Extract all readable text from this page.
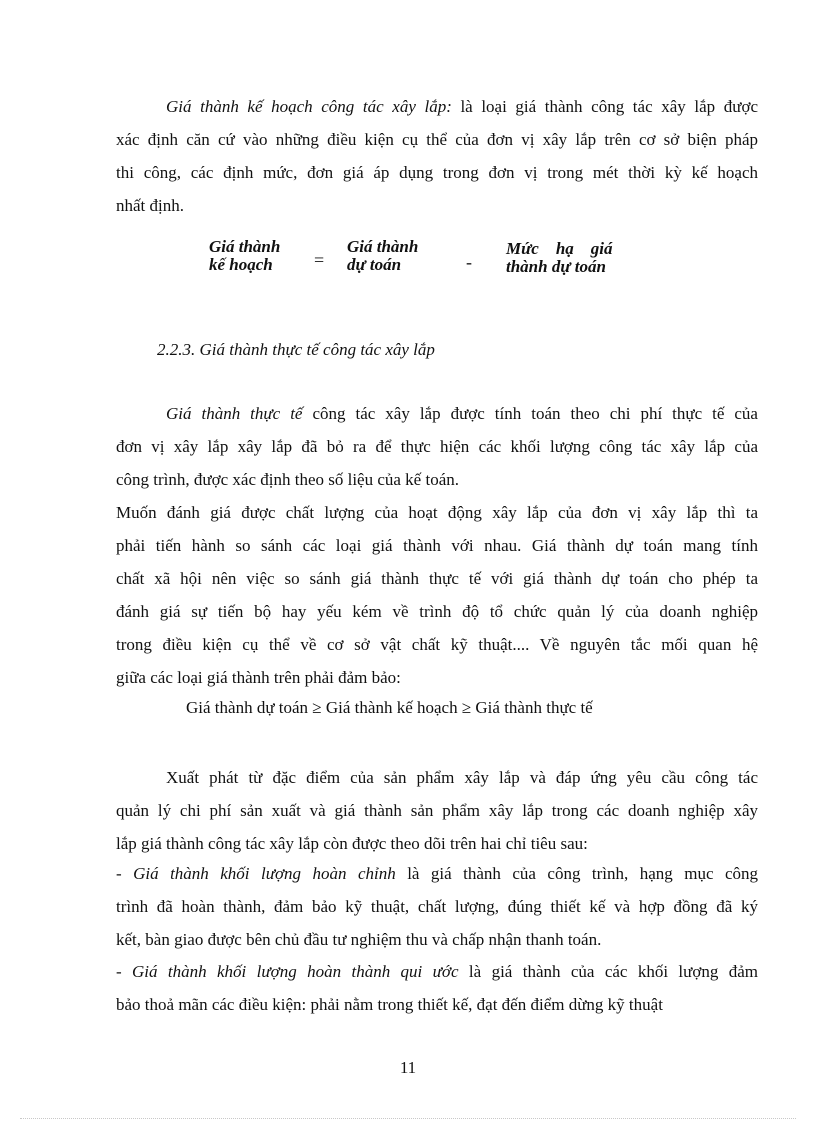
Giá thành kế hoạch công tác xây lắp: là loại giá thành công tác xây lắp được
xác định căn cứ vào những điều kiện cụ thể của đơn vị xây lắp trên cơ sở biện pháp
thi công, các định mức, đơn giá áp dụng trong đơn vị trong mét thời kỳ kế hoạch
nhất định.
Giá thành
kế hoạch	=
Giá thành
dự toán	-
Mức    hạ    giá
thành dự toán

2.2.3. Giá thành thực tế công tác xây lắp

Giá thành thực tế công tác xây lắp được tính toán theo chi phí thực tế của
đơn vị xây lắp xây lắp đã bỏ ra để thực hiện các khối lượng công tác xây lắp của
công trình, được xác định theo số liệu của kế toán.
Muốn đánh giá được chất lượng của hoạt động xây lắp của đơn vị xây lắp thì ta
phải tiến hành so sánh các loại giá thành với nhau. Giá thành dự toán mang tính
chất xã hội nên việc so sánh giá thành thực tế với giá thành dự toán cho phép ta
đánh giá sự tiến bộ hay yếu kém về trình độ tổ chức quản lý của doanh nghiệp
trong điều kiện cụ thể về cơ sở vật chất kỹ thuật.... Về nguyên tắc mối quan hệ
giữa các loại giá thành trên phải đảm bảo:

Giá thành dự toán ≥ Giá thành kế hoạch ≥ Giá thành thực tế

Xuất phát từ đặc điểm của sản phẩm xây lắp và đáp ứng yêu cầu công tác
quản lý chi phí sản xuất và giá thành sản phẩm xây lắp trong các doanh nghiệp xây
lắp giá thành công tác xây lắp còn được theo dõi trên hai chỉ tiêu sau:
- Giá thành khối lượng hoàn chỉnh là giá thành của công trình, hạng mục công
trình đã hoàn thành, đảm bảo kỹ thuật, chất lượng, đúng thiết kế và hợp đồng đã ký
kết, bàn giao được bên chủ đầu tư nghiệm thu và chấp nhận thanh toán.
- Giá thành khối lượng hoàn thành qui ước là giá thành của các khối lượng đảm
bảo thoả mãn các điều kiện: phải nằm trong thiết kế, đạt đến điểm dừng kỹ thuật
11
